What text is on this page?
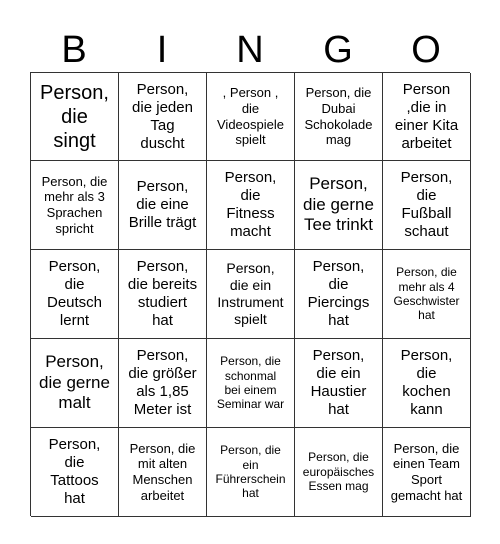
B	I	N	G	O
Person,
die
singt
Person,
die jeden
Tag
duscht
, Person ,
die
Videospiele
spielt
Person, die
Dubai
Schokolade
mag
Person
,die in
einer Kita
arbeitet
Person, die
mehr als 3
Sprachen
spricht
Person,
die eine
Brille trägt
Person,
die
Fitness
macht
Person,
die gerne
Tee trinkt
Person,
die
Fußball
schaut
Person,
die
Deutsch
lernt
Person,
die bereits
studiert
hat
Person,
die ein
Instrument
spielt
Person,
die
Piercings
hat
Person, die
mehr als 4
Geschwister
hat
Person,
die gerne
malt
Person,
die größer
als 1,85
Meter ist
Person, die
schonmal
bei einem
Seminar war
Person,
die ein
Haustier
hat
Person,
die
kochen
kann
Person,
die
Tattoos
hat
Person, die
mit alten
Menschen
arbeitet
Person, die
ein
Führerschein
hat
Person, die
europäisches
Essen mag
Person, die
einen Team
Sport
gemacht hat
